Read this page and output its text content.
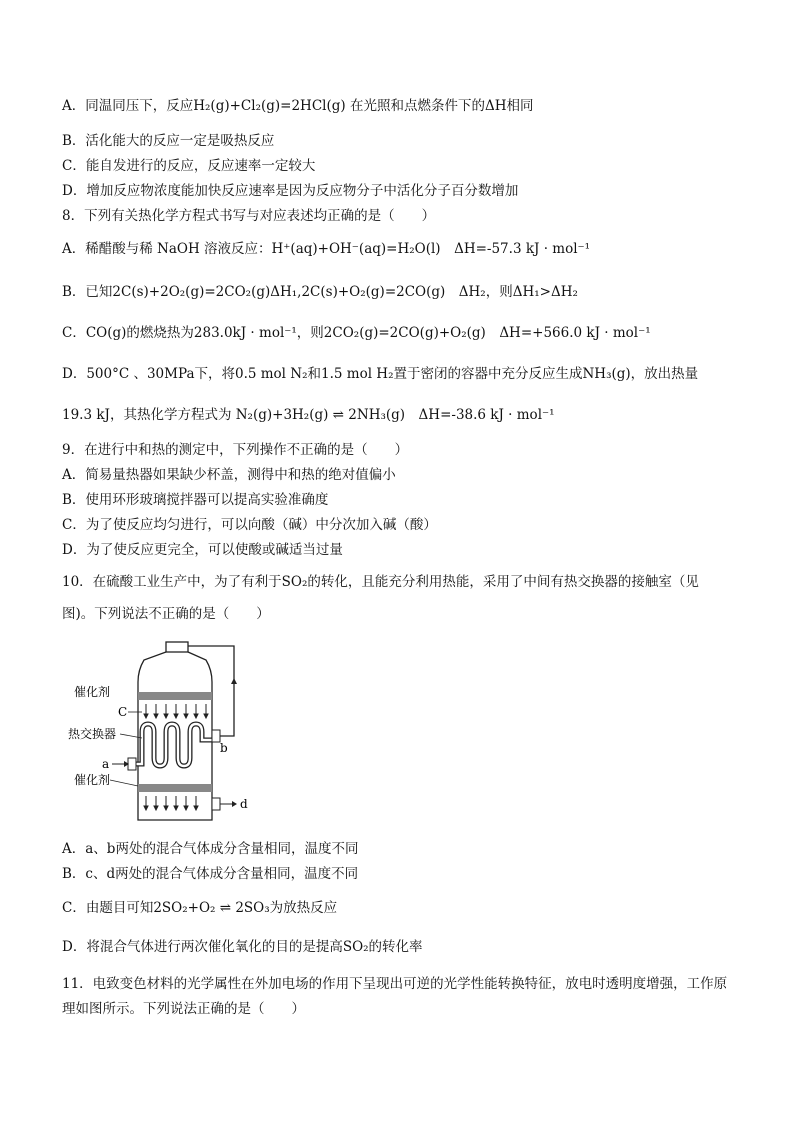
A．同温同压下，反应H₂(g)+Cl₂(g)=2HCl(g) 在光照和点燃条件下的ΔH相同
B．活化能大的反应一定是吸热反应
C．能自发进行的反应，反应速率一定较大
D．增加反应物浓度能加快反应速率是因为反应物分子中活化分子百分数增加
8．下列有关热化学方程式书写与对应表述均正确的是（　　）
A．稀醋酸与稀 NaOH 溶液反应：H⁺(aq)+OH⁻(aq)=H₂O(l)　ΔH=-57.3 kJ · mol⁻¹
B．已知2C(s)+2O₂(g)=2CO₂(g)ΔH₁,2C(s)+O₂(g)=2CO(g)　ΔH₂，则ΔH₁>ΔH₂
C．CO(g)的燃烧热为283.0kJ · mol⁻¹，则2CO₂(g)=2CO(g)+O₂(g)　ΔH=+566.0 kJ · mol⁻¹
D．500°C 、30MPa下，将0.5 mol N₂和1.5 mol H₂置于密闭的容器中充分反应生成NH₃(g)，放出热量
19.3 kJ，其热化学方程式为 N₂(g)+3H₂(g) ⇌ 2NH₃(g)　ΔH=-38.6 kJ · mol⁻¹
9．在进行中和热的测定中，下列操作不正确的是（　　）
A．简易量热器如果缺少杯盖，测得中和热的绝对值偏小
B．使用环形玻璃搅拌器可以提高实验准确度
C．为了使反应均匀进行，可以向酸（碱）中分次加入碱（酸）
D．为了使反应更完全，可以使酸或碱适当过量
10．在硫酸工业生产中，为了有利于SO₂的转化，且能充分利用热能，采用了中间有热交换器的接触室（见
图)。下列说法不正确的是（　　）
催化剂
C
热交换器
a
b
催化剂
d
A．a、b两处的混合气体成分含量相同，温度不同
B．c、d两处的混合气体成分含量相同，温度不同
C．由题目可知2SO₂+O₂ ⇌ 2SO₃为放热反应
D．将混合气体进行两次催化氧化的目的是提高SO₂的转化率
11．电致变色材料的光学属性在外加电场的作用下呈现出可逆的光学性能转换特征，放电时透明度增强，工作原理如图所示。下列说法正确的是（　　）
